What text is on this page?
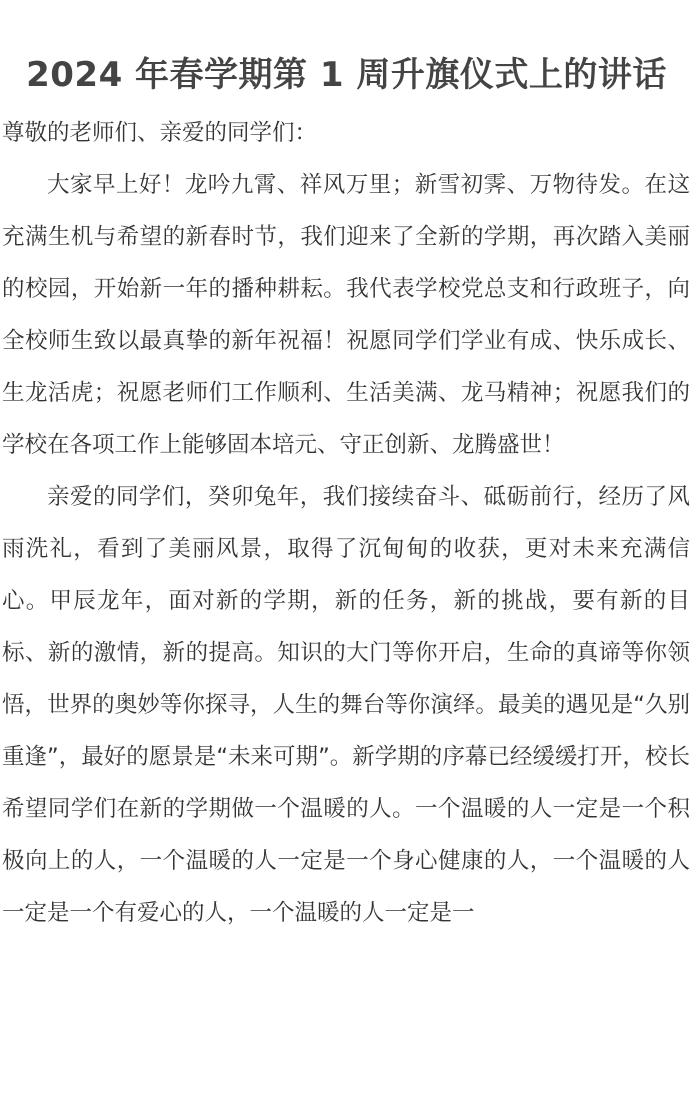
2024 年春学期第 1 周升旗仪式上的讲话

尊敬的老师们、亲爱的同学们：

大家早上好！龙吟九霄、祥风万里；新雪初霁、万物待发。在这充满生机与希望的新春时节，我们迎来了全新的学期，再次踏入美丽的校园，开始新一年的播种耕耘。我代表学校党总支和行政班子，向全校师生致以最真挚的新年祝福！祝愿同学们学业有成、快乐成长、生龙活虎；祝愿老师们工作顺利、生活美满、龙马精神；祝愿我们的学校在各项工作上能够固本培元、守正创新、龙腾盛世！

亲爱的同学们，癸卯兔年，我们接续奋斗、砥砺前行，经历了风雨洗礼，看到了美丽风景，取得了沉甸甸的收获，更对未来充满信心。甲辰龙年，面对新的学期，新的任务，新的挑战，要有新的目标、新的激情，新的提高。知识的大门等你开启，生命的真谛等你领悟，世界的奥妙等你探寻，人生的舞台等你演绎。最美的遇见是“久别重逢”，最好的愿景是“未来可期”。新学期的序幕已经缓缓打开，校长希望同学们在新的学期做一个温暖的人。一个温暖的人一定是一个积极向上的人，一个温暖的人一定是一个身心健康的人，一个温暖的人一定是一个有爱心的人，一个温暖的人一定是一
